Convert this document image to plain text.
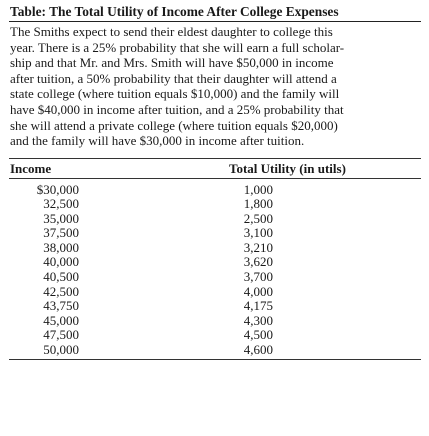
Table: The Total Utility of Income After College Expenses
The Smiths expect to send their eldest daughter to college this
year. There is a 25% probability that she will earn a full scholar-
ship and that Mr. and Mrs. Smith will have $50,000 in income
after tuition, a 50% probability that their daughter will attend a
state college (where tuition equals $10,000) and the family will
have $40,000 in income after tuition, and a 25% probability that
she will attend a private college (where tuition equals $20,000)
and the family will have $30,000 in income after tuition.
Income	Total Utility (in utils)
$30,000	1,000
32,500	1,800
35,000	2,500
37,500	3,100
38,000	3,210
40,000	3,620
40,500	3,700
42,500	4,000
43,750	4,175
45,000	4,300
47,500	4,500
50,000	4,600
